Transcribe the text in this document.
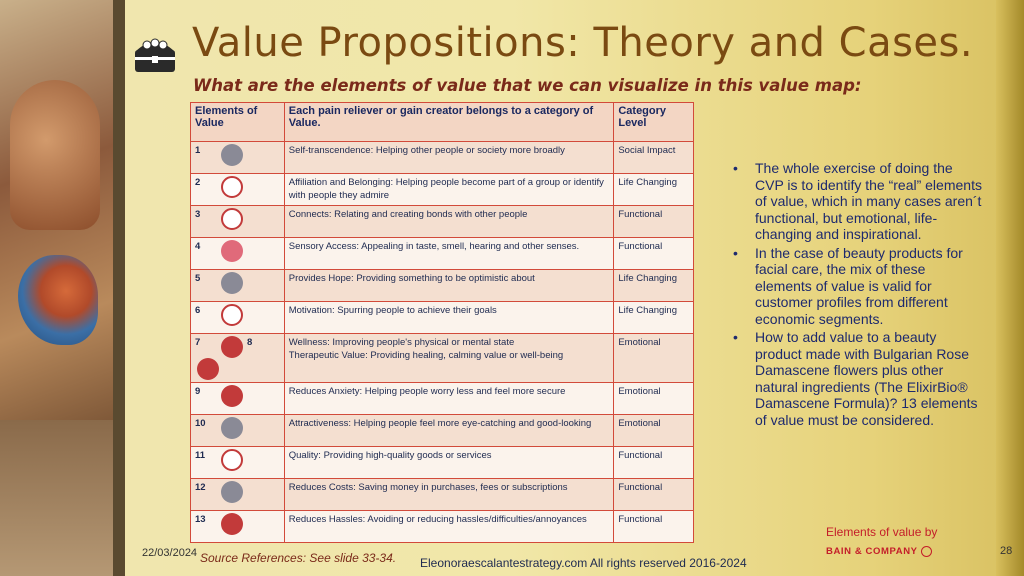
Value Propositions: Theory and Cases.
What are the elements of value that we can visualize in this value map:
Elements of Value	Each pain reliever or gain creator belongs to a category of Value.	Category Level
1	Self-transcendence: Helping other people or society more broadly	Social Impact
2	Affiliation and Belonging: Helping people become part of a group or identify with people they admire	Life Changing
3	Connects: Relating and creating bonds with other people	Functional
4	Sensory Access: Appealing in taste, smell, hearing and other senses.	Functional
5	Provides Hope: Providing something to be optimistic about	Life Changing
6	Motivation: Spurring people to achieve their goals	Life Changing
7 8	Wellness: Improving people's physical or mental state
Therapeutic Value: Providing healing, calming value or well-being	Emotional
9	Reduces Anxiety: Helping people worry less and feel more secure	Emotional
10	Attractiveness: Helping people feel more eye-catching and good-looking	Emotional
11	Quality: Providing high-quality goods or services	Functional
12	Reduces Costs: Saving money in purchases, fees or subscriptions	Functional
13	Reduces Hassles: Avoiding or reducing hassles/difficulties/annoyances	Functional
• The whole exercise of doing the CVP is to identify the “real” elements of value, which in many cases aren´t functional, but emotional, life-changing and inspirational.
• In the case of beauty products for facial care, the mix of these elements of value is valid for customer profiles from different economic segments.
• How to add value to a beauty product made with Bulgarian Rose Damascene flowers plus other natural ingredients (The ElixirBio® Damascene Formula)? 13 elements of value must be considered.
Elements of value by
BAIN & COMPANY
22/03/2024 Source References: See slide 33-34. Eleonoraescalantestrategy.com All rights reserved 2016-2024
28
